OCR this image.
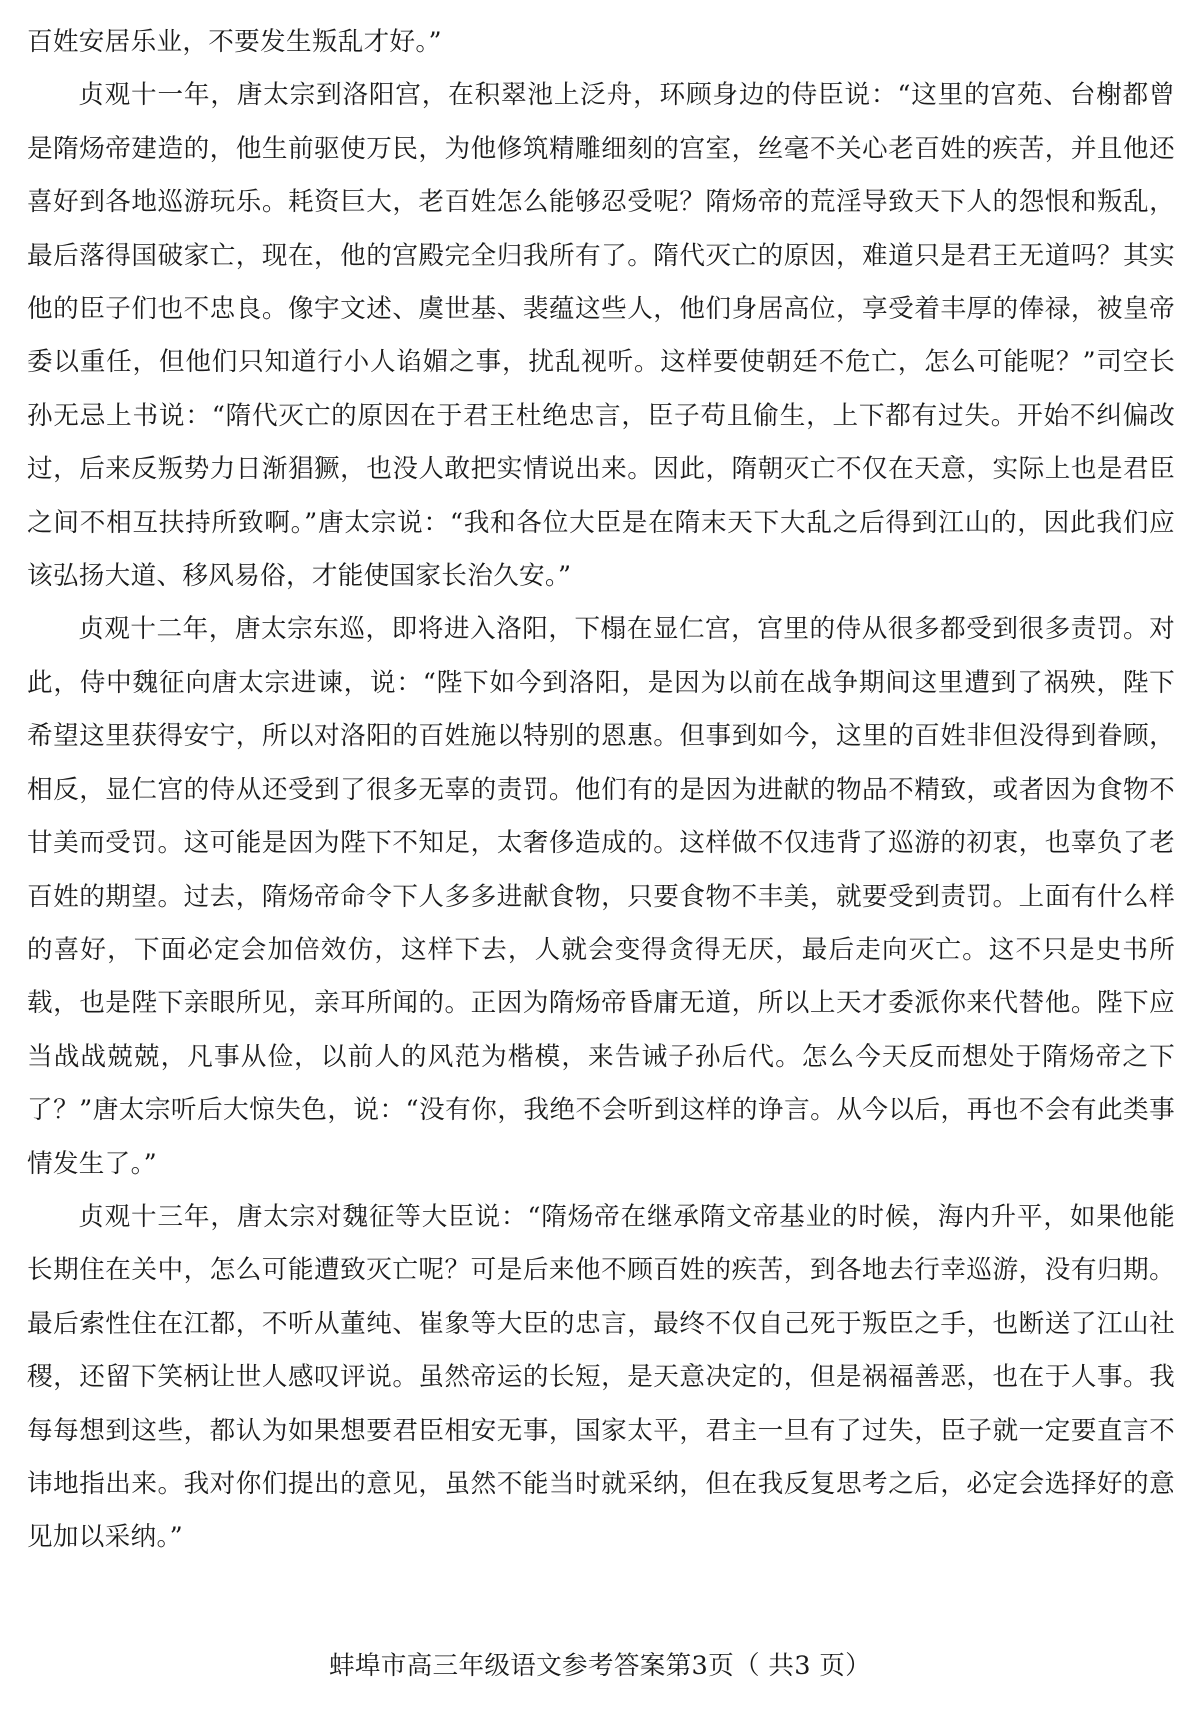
百姓安居乐业，不要发生叛乱才好。”

贞观十一年，唐太宗到洛阳宫，在积翠池上泛舟，环顾身边的侍臣说：“这里的宫苑、台榭都曾是隋炀帝建造的，他生前驱使万民，为他修筑精雕细刻的宫室，丝毫不关心老百姓的疾苦，并且他还喜好到各地巡游玩乐。耗资巨大，老百姓怎么能够忍受呢？隋炀帝的荒淫导致天下人的怨恨和叛乱，最后落得国破家亡，现在，他的宫殿完全归我所有了。隋代灭亡的原因，难道只是君王无道吗？其实他的臣子们也不忠良。像宇文述、虞世基、裴蕴这些人，他们身居高位，享受着丰厚的俸禄，被皇帝委以重任，但他们只知道行小人谄媚之事，扰乱视听。这样要使朝廷不危亡，怎么可能呢？”司空长孙无忌上书说：“隋代灭亡的原因在于君王杜绝忠言，臣子苟且偷生，上下都有过失。开始不纠偏改过，后来反叛势力日渐猖獗，也没人敢把实情说出来。因此，隋朝灭亡不仅在天意，实际上也是君臣之间不相互扶持所致啊。”唐太宗说：“我和各位大臣是在隋末天下大乱之后得到江山的，因此我们应该弘扬大道、移风易俗，才能使国家长治久安。”

贞观十二年，唐太宗东巡，即将进入洛阳，下榻在显仁宫，宫里的侍从很多都受到很多责罚。对此，侍中魏征向唐太宗进谏，说：“陛下如今到洛阳，是因为以前在战争期间这里遭到了祸殃，陛下希望这里获得安宁，所以对洛阳的百姓施以特别的恩惠。但事到如今，这里的百姓非但没得到眷顾，相反，显仁宫的侍从还受到了很多无辜的责罚。他们有的是因为进献的物品不精致，或者因为食物不甘美而受罚。这可能是因为陛下不知足，太奢侈造成的。这样做不仅违背了巡游的初衷，也辜负了老百姓的期望。过去，隋炀帝命令下人多多进献食物，只要食物不丰美，就要受到责罚。上面有什么样的喜好，下面必定会加倍效仿，这样下去，人就会变得贪得无厌，最后走向灭亡。这不只是史书所载，也是陛下亲眼所见，亲耳所闻的。正因为隋炀帝昏庸无道，所以上天才委派你来代替他。陛下应当战战兢兢，凡事从俭，以前人的风范为楷模，来告诫子孙后代。怎么今天反而想处于隋炀帝之下了？”唐太宗听后大惊失色，说：“没有你，我绝不会听到这样的诤言。从今以后，再也不会有此类事情发生了。”

贞观十三年，唐太宗对魏征等大臣说：“隋炀帝在继承隋文帝基业的时候，海内升平，如果他能长期住在关中，怎么可能遭致灭亡呢？可是后来他不顾百姓的疾苦，到各地去行幸巡游，没有归期。最后索性住在江都，不听从董纯、崔象等大臣的忠言，最终不仅自己死于叛臣之手，也断送了江山社稷，还留下笑柄让世人感叹评说。虽然帝运的长短，是天意决定的，但是祸福善恶，也在于人事。我每每想到这些，都认为如果想要君臣相安无事，国家太平，君主一旦有了过失，臣子就一定要直言不讳地指出来。我对你们提出的意见，虽然不能当时就采纳，但在我反复思考之后，必定会选择好的意见加以采纳。”

蚌埠市高三年级语文参考答案第3页（ 共3 页）
